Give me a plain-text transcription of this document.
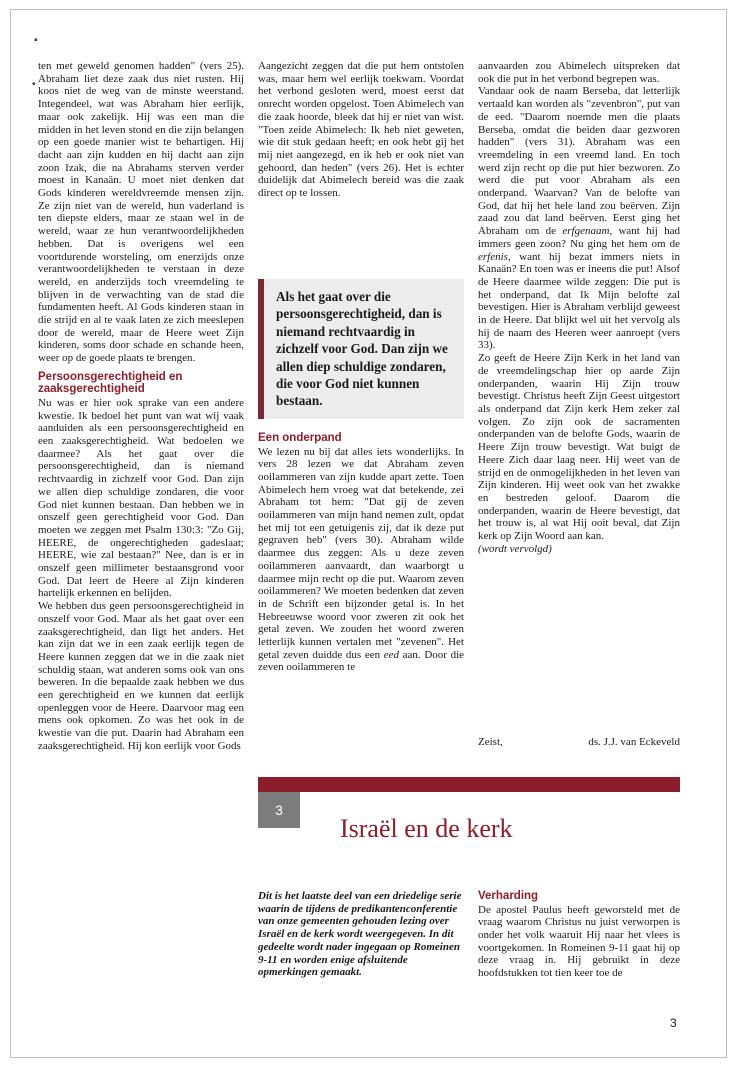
▪
•

ten met geweld genomen hadden" (vers 25). Abraham liet deze zaak dus niet rusten. Hij koos niet de weg van de minste weerstand. Integendeel, wat was Abraham hier eerlijk, maar ook zakelijk. Hij was een man die midden in het leven stond en die zijn belangen op een goede manier wist te behartigen. Hij dacht aan zijn kudden en hij dacht aan zijn zoon Izak, die na Abrahams sterven verder moest in Kanaän. U moet niet denken dat Gods kinderen wereldvreemde mensen zijn. Ze zijn niet van de wereld, hun vaderland is ten diepste elders, maar ze staan wel in de wereld, waar ze hun verantwoordelijkheden hebben. Dat is overigens wel een voortdurende worsteling, om enerzijds onze verantwoordelijkheden te verstaan in deze wereld, en anderzijds toch vreemdeling te blijven in de verwachting van de stad die fundamenten heeft. Al Gods kinderen staan in die strijd en al te vaak laten ze zich meeslepen door de wereld, maar de Heere weet Zijn kinderen, soms door schade en schande heen, weer op de goede plaats te brengen.

Persoonsgerechtigheid en zaaksgerechtigheid

Nu was er hier ook sprake van een andere kwestie. Ik bedoel het punt van wat wij vaak aanduiden als een persoonsgerechtigheid en een zaaksgerechtigheid. Wat bedoelen we daarmee? Als het gaat over die persoonsgerechtigheid, dan is niemand rechtvaardig in zichzelf voor God. Dan zijn we allen diep schuldige zondaren, die voor God niet kunnen bestaan. Dan hebben we in onszelf geen gerechtigheid voor God. Dan moeten we zeggen met Psalm 130:3: "Zo Gij, HEERE, de ongerechtigheden gadeslaat; HEERE, wie zal bestaan?" Nee, dan is er in onszelf geen millimeter bestaansgrond voor God. Dat leert de Heere al Zijn kinderen hartelijk erkennen en belijden.

We hebben dus geen persoonsgerechtigheid in onszelf voor God. Maar als het gaat over een zaaksgerechtigheid, dan ligt het anders. Het kan zijn dat we in een zaak eerlijk tegen de Heere kunnen zeggen dat we in die zaak niet schuldig staan, wat anderen soms ook van ons beweren. In die bepaalde zaak hebben we dus een gerechtigheid en we kunnen dat eerlijk openleggen voor de Heere. Daarvoor mag een mens ook opkomen. Zo was het ook in de kwestie van die put. Daarin had Abraham een zaaksgerechtigheid. Hij kon eerlijk voor Gods

Aangezicht zeggen dat die put hem ontstolen was, maar hem wel eerlijk toekwam. Voordat het verbond gesloten werd, moest eerst dat onrecht worden opgelost. Toen Abimelech van die zaak hoorde, bleek dat hij er niet van wist. "Toen zeide Abimelech: Ik heb niet geweten, wie dit stuk gedaan heeft; en ook hebt gij het mij niet aangezegd, en ik heb er ook niet van gehoord, dan heden" (vers 26). Het is echter duidelijk dat Abimelech bereid was die zaak direct op te lossen.

Als het gaat over die persoonsgerechtigheid, dan is niemand rechtvaardig in zichzelf voor God. Dan zijn we allen diep schuldige zondaren, die voor God niet kunnen bestaan.

Een onderpand

We lezen nu bij dat alles iets wonderlijks. In vers 28 lezen we dat Abraham zeven ooilammeren van zijn kudde apart zette. Toen Abimelech hem vroeg wat dat betekende, zei Abraham tot hem: "Dat gij de zeven ooilammeren van mijn hand nemen zult, opdat het mij tot een getuigenis zij, dat ik deze put gegraven heb" (vers 30). Abraham wilde daarmee dus zeggen: Als u deze zeven ooilammeren aanvaardt, dan waarborgt u daarmee mijn recht op die put. Waarom zeven ooilammeren? We moeten bedenken dat zeven in de Schrift een bijzonder getal is. In het Hebreeuwse woord voor zweren zit ook het getal zeven. We zouden het woord zweren letterlijk kunnen vertalen met "zevenen". Het getal zeven duidde dus een eed aan. Door die zeven ooilammeren te

aanvaarden zou Abimelech uitspreken dat ook die put in het verbond begrepen was.

Vandaar ook de naam Berseba, dat letterlijk vertaald kan worden als "zevenbron", put van de eed. "Daarom noemde men die plaats Berseba, omdat die beiden daar gezworen hadden" (vers 31). Abraham was een vreemdeling in een vreemd land. En toch werd zijn recht op die put hier bezworen. Zo werd die put voor Abraham als een onderpand. Waarvan? Van de belofte van God, dat hij het hele land zou beërven. Zijn zaad zou dat land beërven. Eerst ging het Abraham om de erfgenaam, want hij had immers geen zoon? Nu ging het hem om de erfenis, want hij bezat immers niets in Kanaän? En toen was er ineens die put! Alsof de Heere daarmee wilde zeggen: Die put is het onderpand, dat Ik Mijn belofte zal bevestigen. Hier is Abraham verblijd geweest in de Heere. Dat blijkt wel uit het vervolg als hij de naam des Heeren weer aanroept (vers 33).

Zo geeft de Heere Zijn Kerk in het land van de vreemdelingschap hier op aarde Zijn onderpanden, waarin Hij Zijn trouw bevestigt. Christus heeft Zijn Geest uitgestort als onderpand dat Zijn kerk Hem zeker zal volgen. Zo zijn ook de sacramenten onderpanden van de belofte Gods, waarin de Heere Zijn trouw bevestigt. Wat buigt de Heere Zich daar laag neer. Hij weet van de strijd en de onmogelijkheden in het leven van Zijn kinderen. Hij weet ook van het zwakke en bestreden geloof. Daarom die onderpanden, waarin de Heere bevestigt, dat het trouw is, al wat Hij ooit beval, dat Zijn kerk op Zijn Woord aan kan.

(wordt vervolgd)

Zeist,	ds. J.J. van Eckeveld
3
Israël en de kerk

Dit is het laatste deel van een driedelige serie waarin de tijdens de predikantenconferentie van onze gemeenten gehouden lezing over Israël en de kerk wordt weergegeven. In dit gedeelte wordt nader ingegaan op Romeinen 9-11 en worden enige afsluitende opmerkingen gemaakt.

Verharding

De apostel Paulus heeft geworsteld met de vraag waarom Christus nu juist verworpen is onder het volk waaruit Hij naar het vlees is voortgekomen. In Romeinen 9-11 gaat hij op deze vraag in. Hij gebruikt in deze hoofdstukken tot tien keer toe de

3
